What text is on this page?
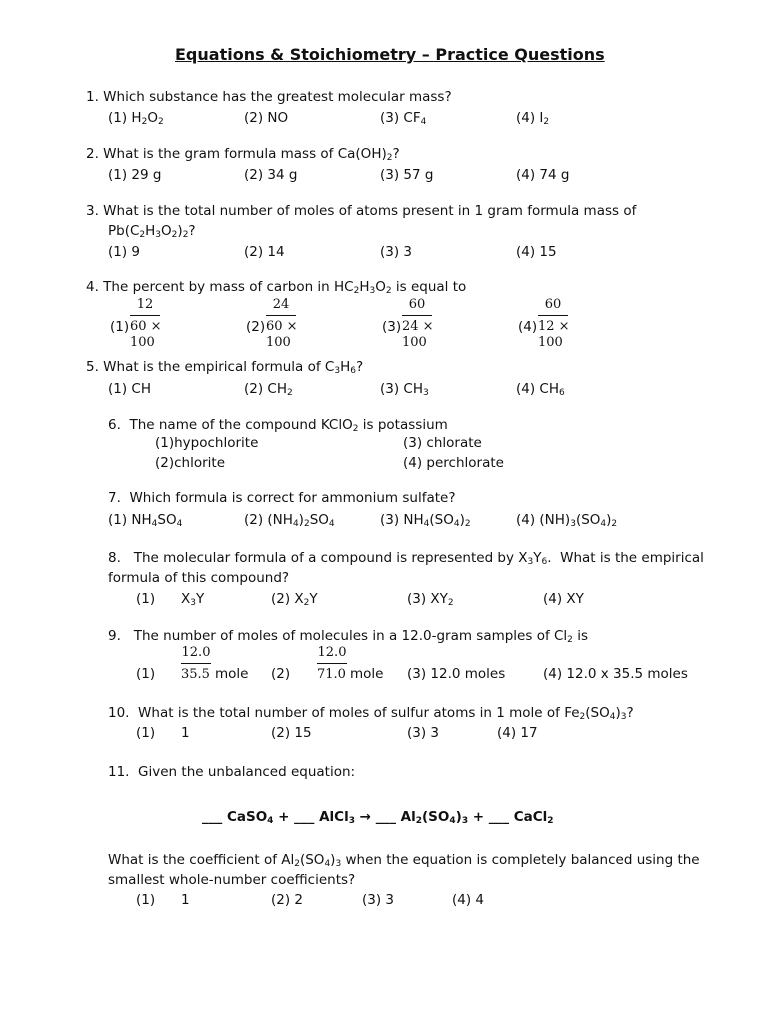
Equations & Stoichiometry – Practice Questions
1. Which substance has the greatest molecular mass?
(1) $H_2O_2$	(2) NO	(3) $CF_4$	(4) $I_2$
2. What is the gram formula mass of $Ca(OH)_2$?
(1) 29 g	(2) 34 g	(3) 57 g	(4) 74 g
3. What is the total number of moles of atoms present in 1 gram formula mass of
$Pb(C_2H_3O_2)_2$?
(1) 9	(2) 14	(3) 3	(4) 15
4. The percent by mass of carbon in $HC_2H_3O_2$ is equal to
$(1) \frac{12}{60 \times 100}$	$(2) \frac{24}{60 \times 100}$	$(3) \frac{60}{24 \times 100}$	$(4) \frac{60}{12 \times 100}$
5. What is the empirical formula of $C_3H_6$?
(1) CH	(2) $CH_2$	(3) $CH_3$	(4) $CH_6$
6.  The name of the compound KClO$_2$ is potassium
(1)hypochlorite
(2)chlorite
(3) chlorate
(4) perchlorate
7.  Which formula is correct for ammonium sulfate?
(1) $NH_4SO_4$	(2) $(NH_4)_2SO_4$	(3) $NH_4(SO_4)_2$	(4) $(NH)_3(SO_4)_2$
8.   The molecular formula of a compound is represented by $X_3Y_6$.  What is the empirical
formula of this compound?
(1) $X_3Y$	(2) $X_2Y$	(3) $XY_2$	(4) XY
9.   The number of moles of molecules in a 12.0-gram samples of $Cl_2$ is
$(1) \frac{12.0}{35.5}$
mole $(2) \frac{12.0}{71.0}$
mole (3) 12.0 moles	(4) 12.0 x 35.5 moles
10.  What is the total number of moles of sulfur atoms in 1 mole of $Fe_2(SO_4)_3$?
(1) 1	(2) 15	(3) 3	(4) 17
11.  Given the unbalanced equation:
___ CaSO$_4$ + ___ AlCl$_3$ → ___ $Al_2(SO_4)_3$ + ___ CaCl$_2$
What is the coefficient of $Al_2(SO_4)_3$ when the equation is completely balanced using the
smallest whole-number coefficients?
(1) 1	(2) 2	(3) 3	(4) 4
